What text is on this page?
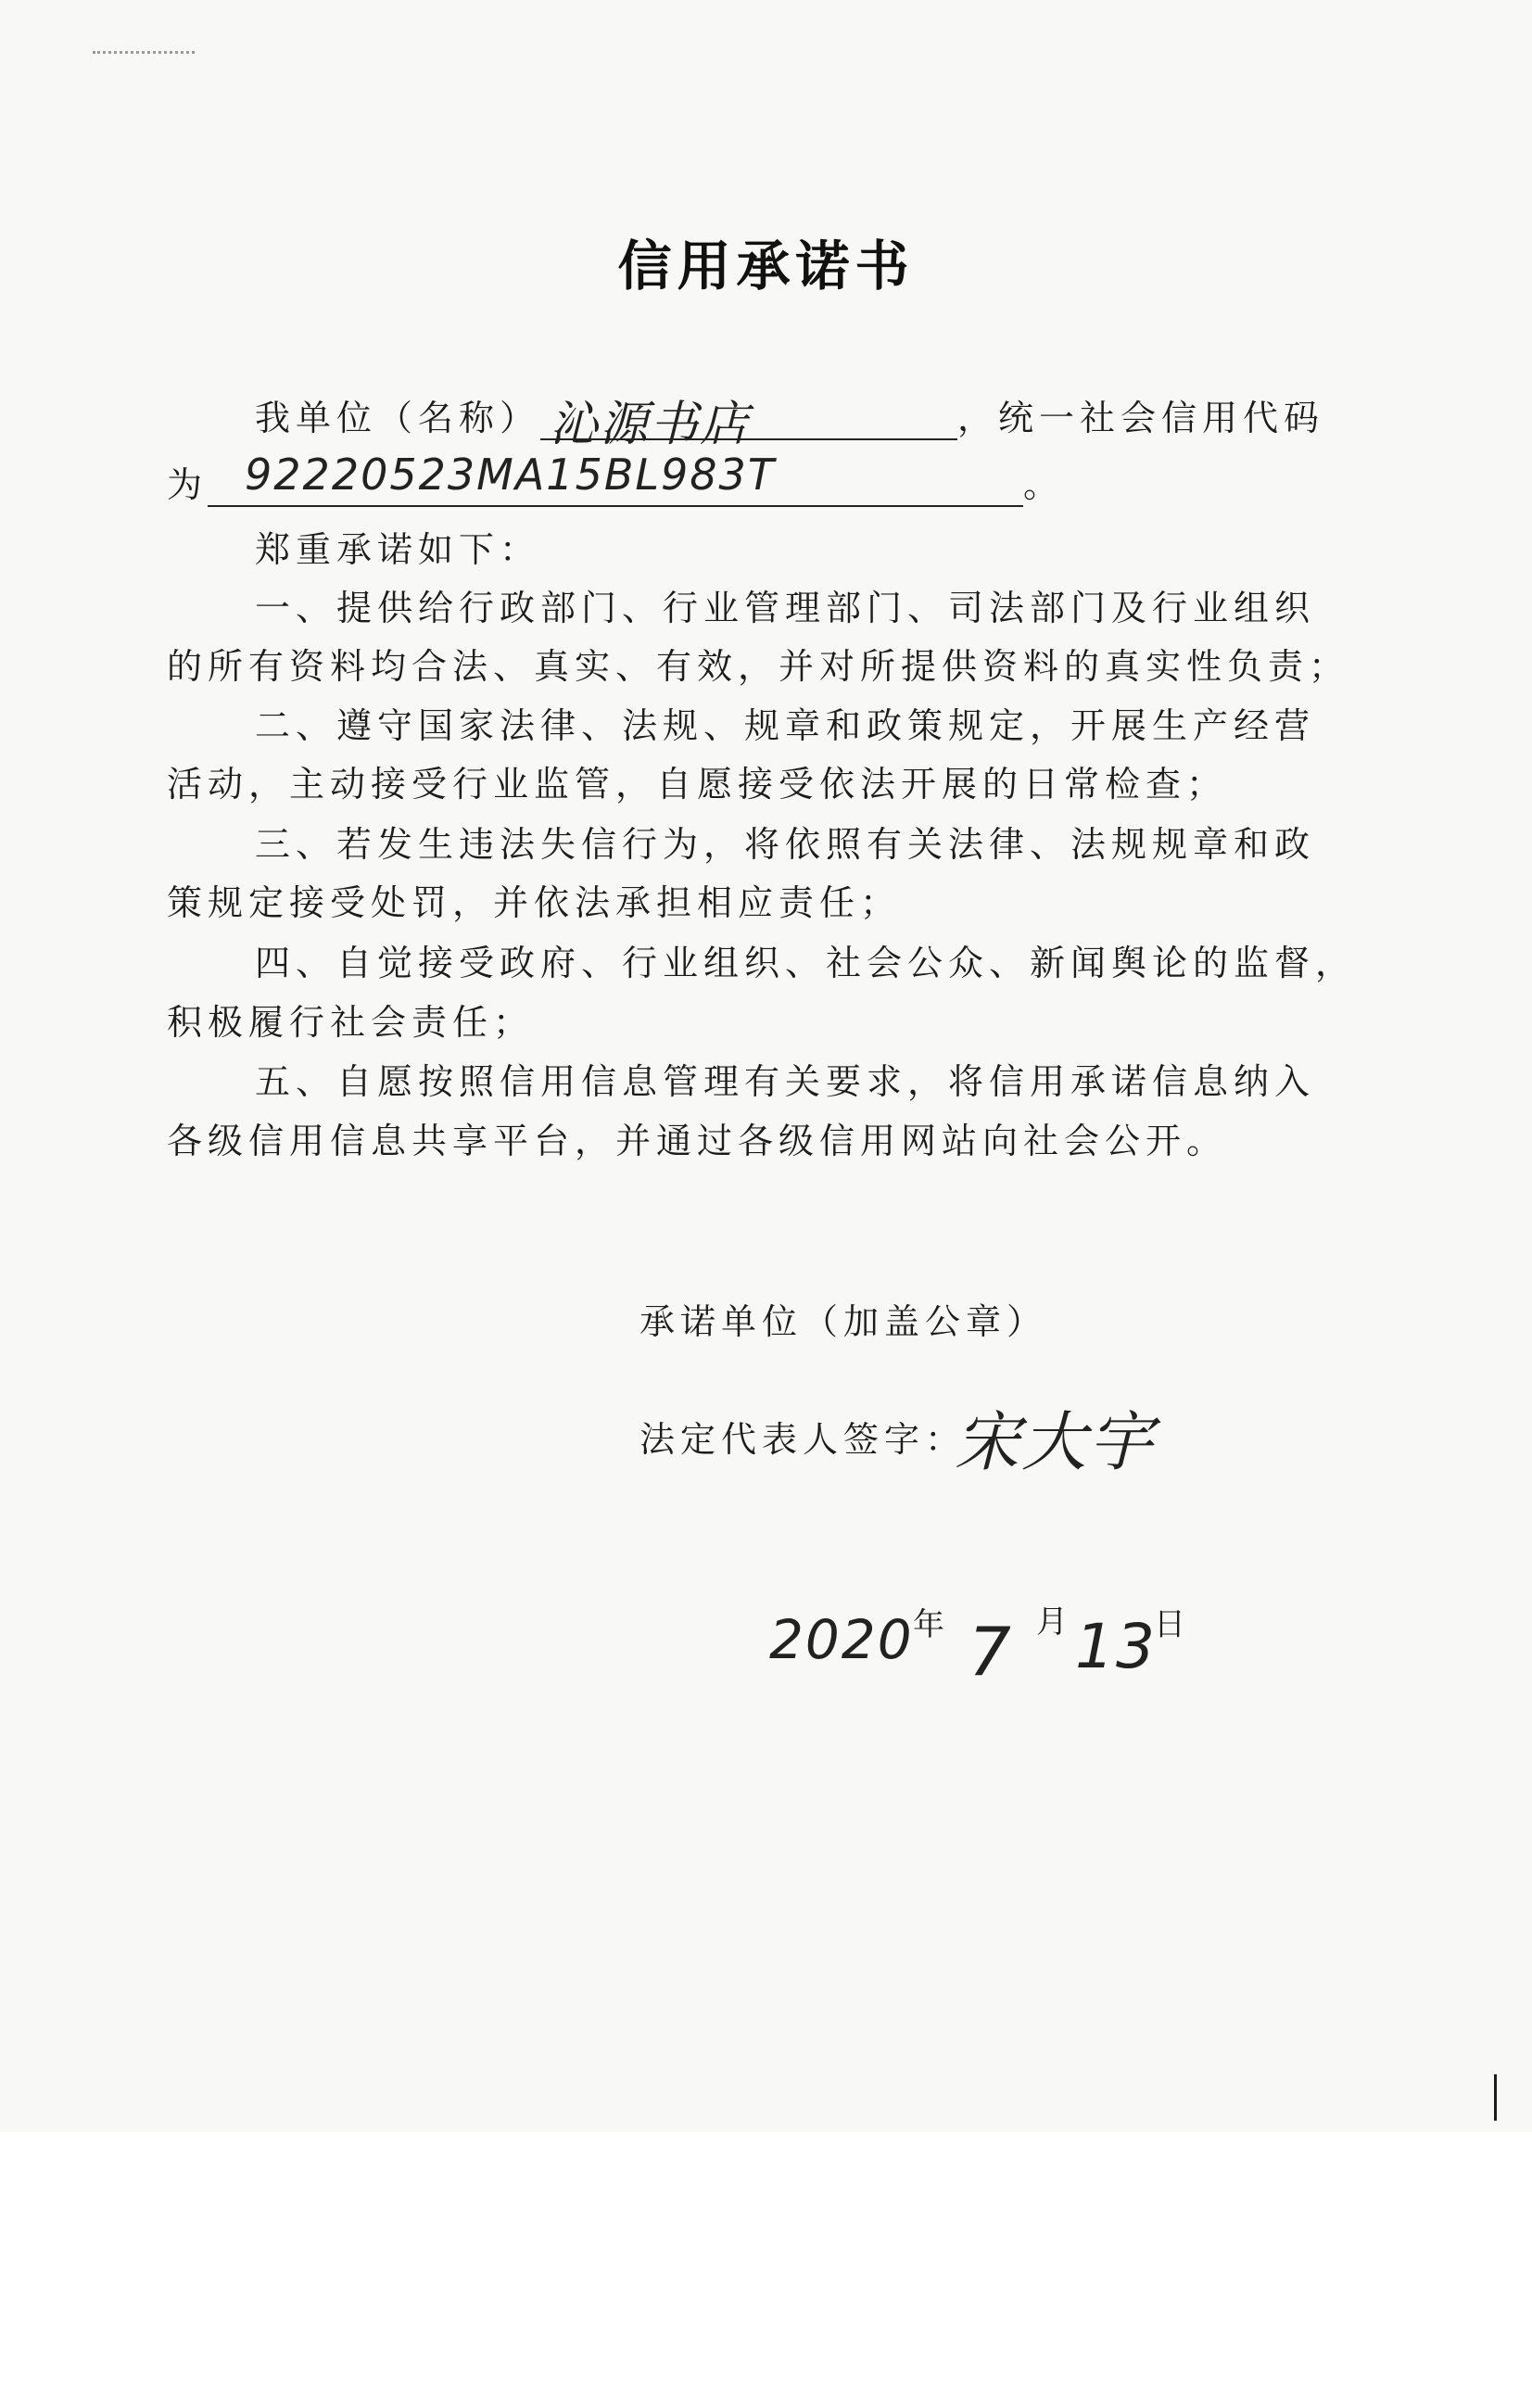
信用承诺书
我单位（名称） 沁源书店	，统一社会信用代码
为 92220523MA15BL983T	。
郑重承诺如下：
一、提供给行政部门、行业管理部门、司法部门及行业组织
的所有资料均合法、真实、有效，并对所提供资料的真实性负责；
二、遵守国家法律、法规、规章和政策规定，开展生产经营
活动，主动接受行业监管，自愿接受依法开展的日常检查；
三、若发生违法失信行为，将依照有关法律、法规规章和政
策规定接受处罚，并依法承担相应责任；
四、自觉接受政府、行业组织、社会公众、新闻舆论的监督，
积极履行社会责任；
五、自愿按照信用信息管理有关要求，将信用承诺信息纳入
各级信用信息共享平台，并通过各级信用网站向社会公开。
承诺单位（加盖公章）
法定代表人签字：
宋大宇
2020 年 7 月 13
日
